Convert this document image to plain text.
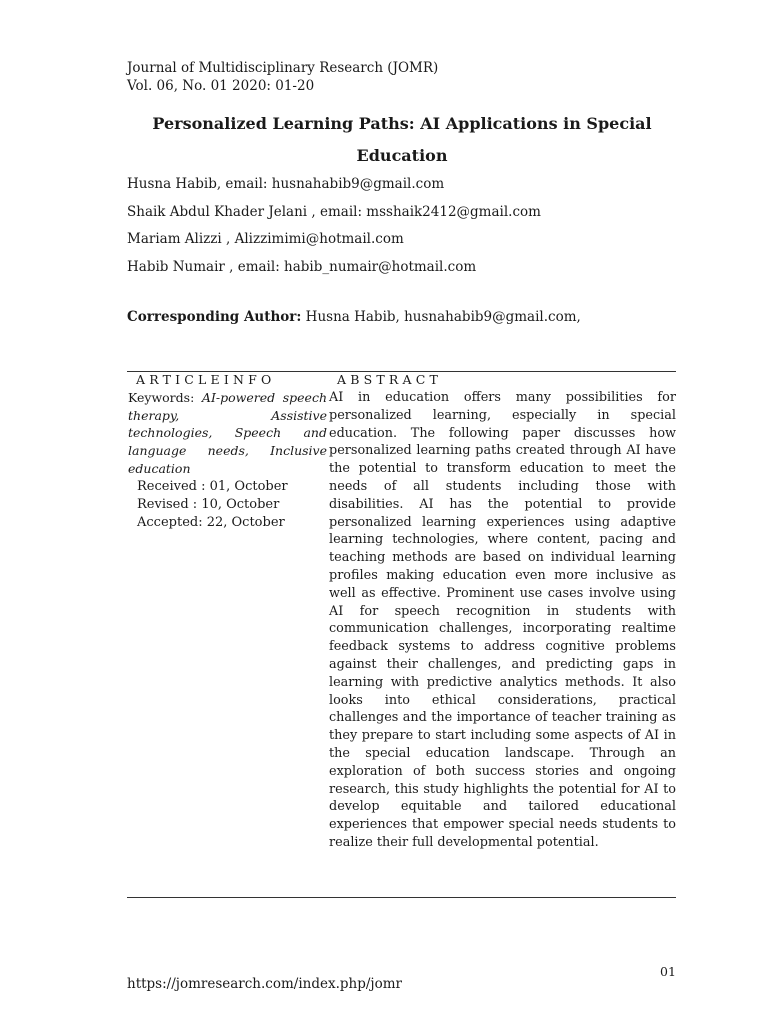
Journal of Multidisciplinary Research (JOMR)
Vol. 06, No. 01 2020: 01-20
Personalized Learning Paths: AI Applications in Special Education
Husna Habib, email: husnahabib9@gmail.com
Shaik Abdul Khader Jelani , email: msshaik2412@gmail.com
Mariam Alizzi , Alizzimimi@hotmail.com
Habib Numair , email: habib_numair@hotmail.com
Corresponding Author: Husna Habib, husnahabib9@gmail.com,
ARTICLEINFO	ABSTRACT
Keywords: AI-powered speech therapy, Assistive technologies, Speech and language needs, Inclusive education
Received : 01, October
Revised : 10, October
Accepted: 22, October
AI in education offers many possibilities for personalized learning, especially in special education. The following paper discusses how personalized learning paths created through AI have the potential to transform education to meet the needs of all students including those with disabilities. AI has the potential to provide personalized learning experiences using adaptive learning technologies, where content, pacing and teaching methods are based on individual learning profiles making education even more inclusive as well as effective. Prominent use cases involve using AI for speech recognition in students with communication challenges, incorporating realtime feedback systems to address cognitive problems against their challenges, and predicting gaps in learning with predictive analytics methods. It also looks into ethical considerations, practical challenges and the importance of teacher training as they prepare to start including some aspects of AI in the special education landscape. Through an exploration of both success stories and ongoing research, this study highlights the potential for AI to develop equitable and tailored educational experiences that empower special needs students to realize their full developmental potential.
01
https://jomresearch.com/index.php/jomr
